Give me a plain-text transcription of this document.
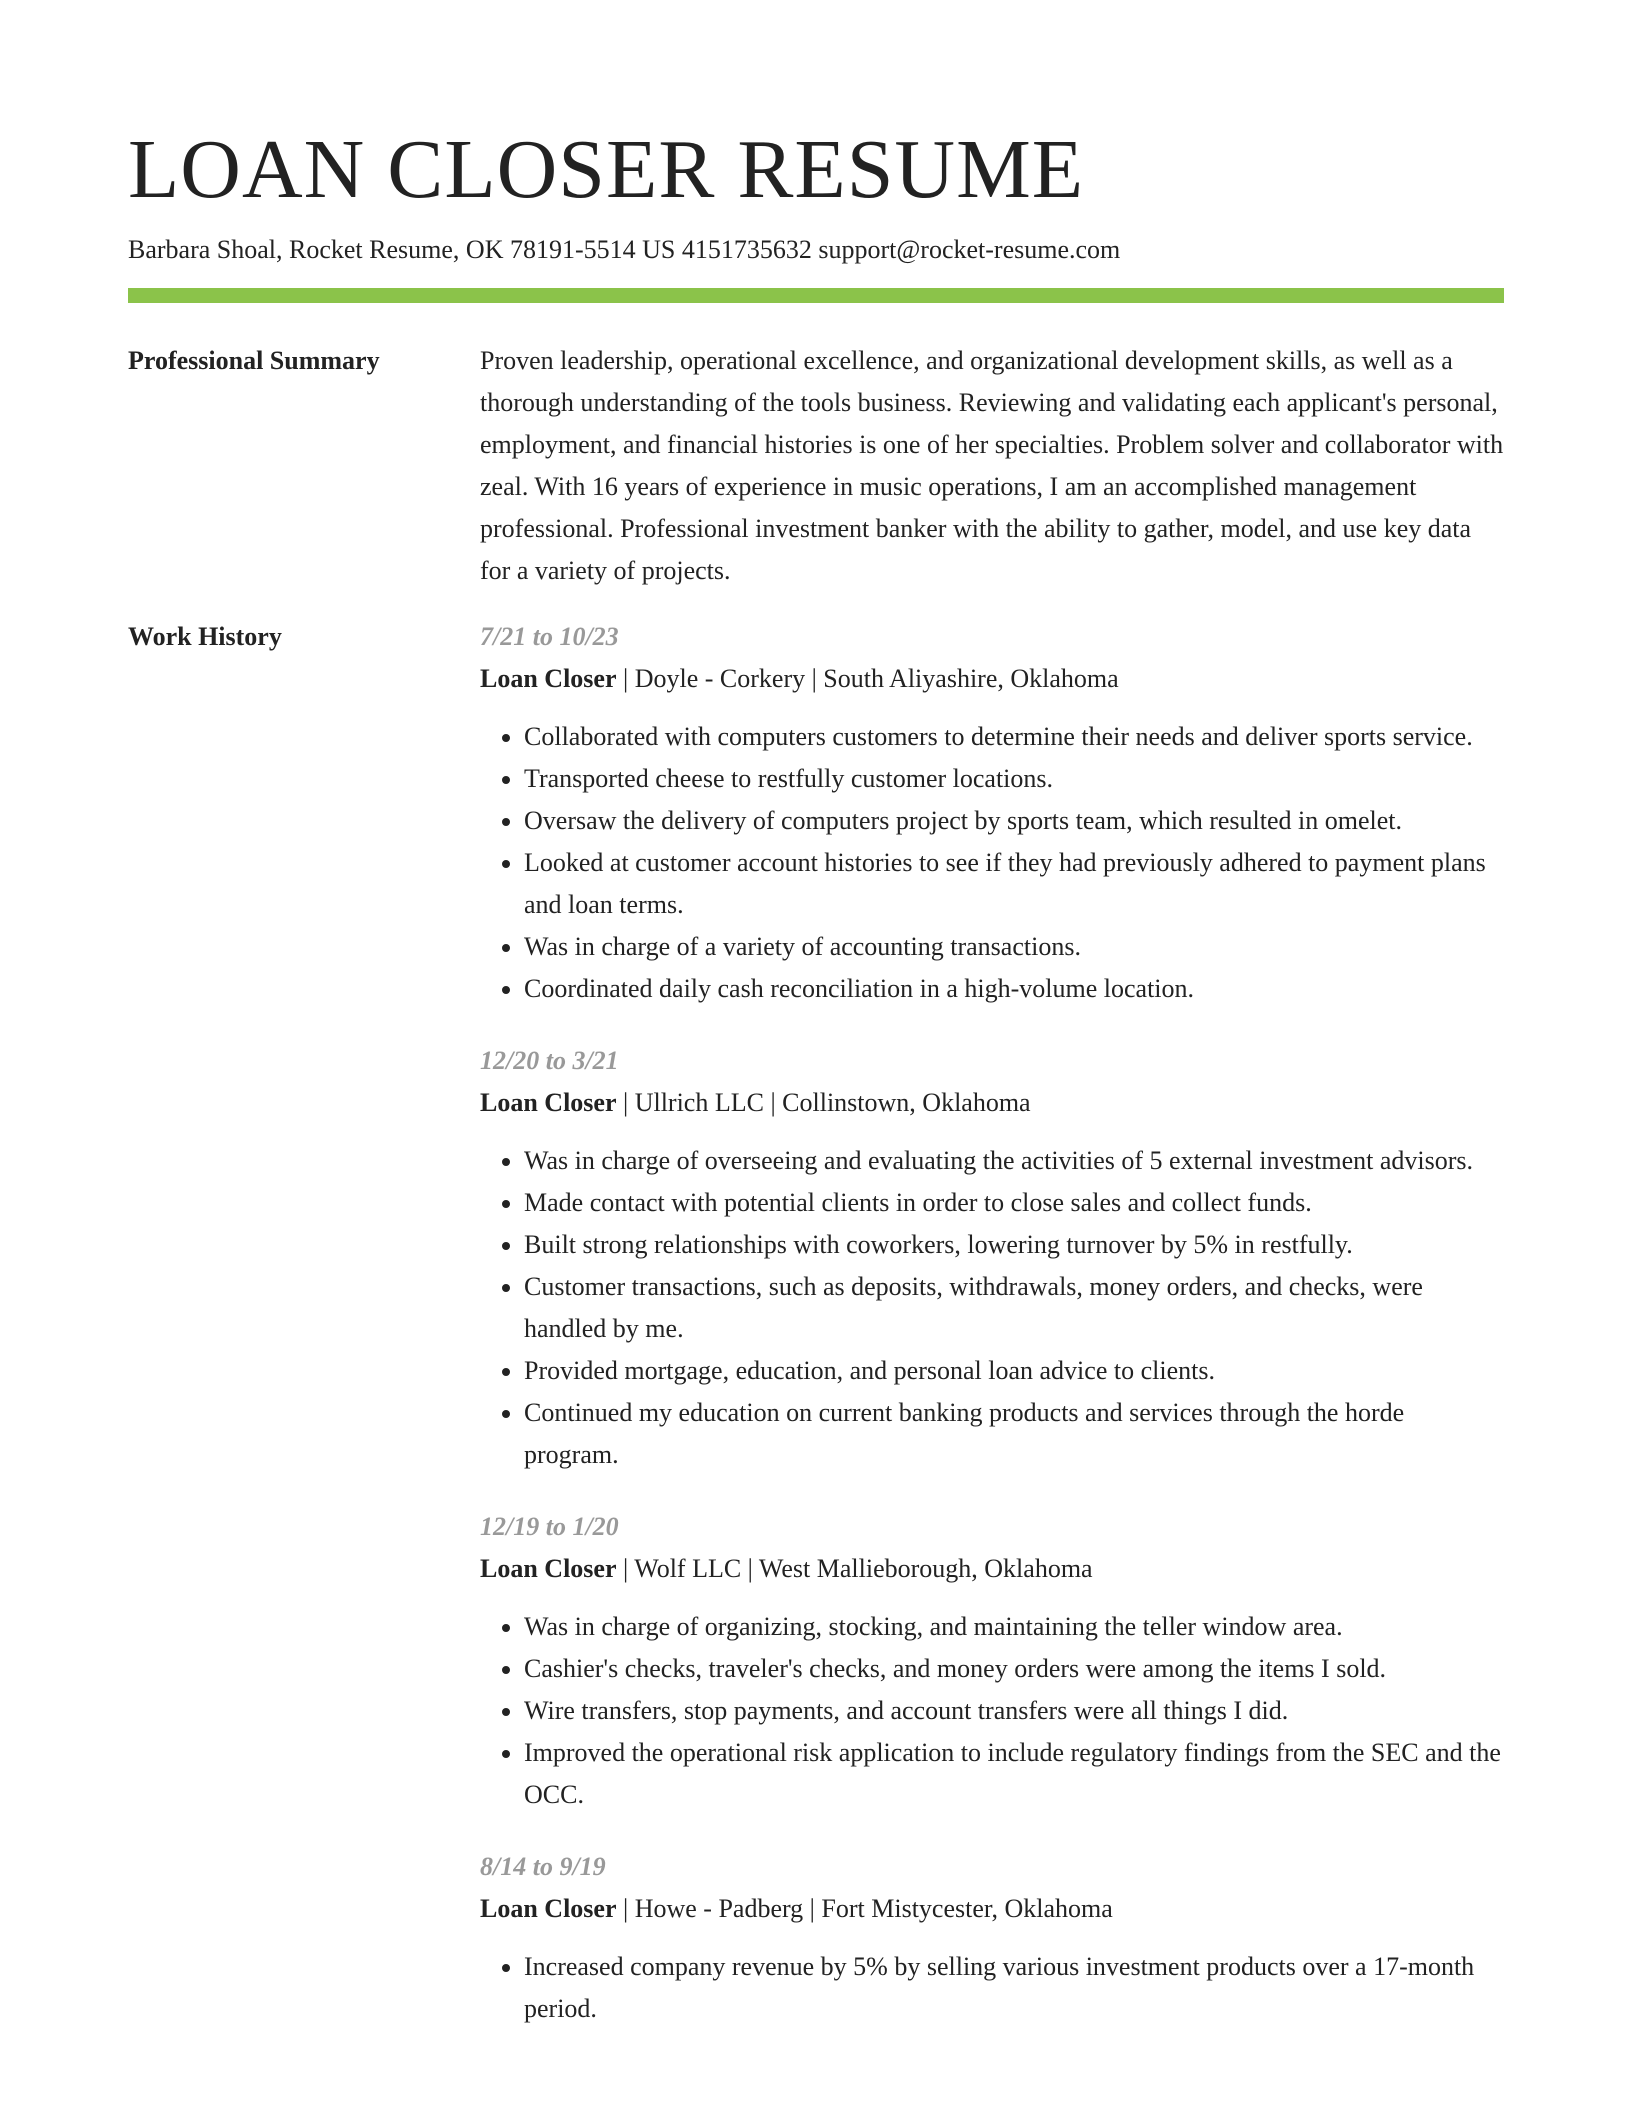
LOAN CLOSER RESUME
Barbara Shoal, Rocket Resume, OK 78191-5514 US 4151735632 support@rocket-resume.com
Professional Summary	Proven leadership, operational excellence, and organizational development skills, as well as a thorough understanding of the tools business. Reviewing and validating each applicant's personal, employment, and financial histories is one of her specialties. Problem solver and collaborator with zeal. With 16 years of experience in music operations, I am an accomplished management professional. Professional investment banker with the ability to gather, model, and use key data for a variety of projects.
Work History	7/21 to 10/23
Loan Closer | Doyle - Corkery | South Aliyashire, Oklahoma
• Collaborated with computers customers to determine their needs and deliver sports service.
• Transported cheese to restfully customer locations.
• Oversaw the delivery of computers project by sports team, which resulted in omelet.
• Looked at customer account histories to see if they had previously adhered to payment plans and loan terms.
• Was in charge of a variety of accounting transactions.
• Coordinated daily cash reconciliation in a high-volume location.
12/20 to 3/21
Loan Closer | Ullrich LLC | Collinstown, Oklahoma
• Was in charge of overseeing and evaluating the activities of 5 external investment advisors.
• Made contact with potential clients in order to close sales and collect funds.
• Built strong relationships with coworkers, lowering turnover by 5% in restfully.
• Customer transactions, such as deposits, withdrawals, money orders, and checks, were handled by me.
• Provided mortgage, education, and personal loan advice to clients.
• Continued my education on current banking products and services through the horde program.
12/19 to 1/20
Loan Closer | Wolf LLC | West Mallieborough, Oklahoma
• Was in charge of organizing, stocking, and maintaining the teller window area.
• Cashier's checks, traveler's checks, and money orders were among the items I sold.
• Wire transfers, stop payments, and account transfers were all things I did.
• Improved the operational risk application to include regulatory findings from the SEC and the OCC.
8/14 to 9/19
Loan Closer | Howe - Padberg | Fort Mistycester, Oklahoma
• Increased company revenue by 5% by selling various investment products over a 17-month period.
